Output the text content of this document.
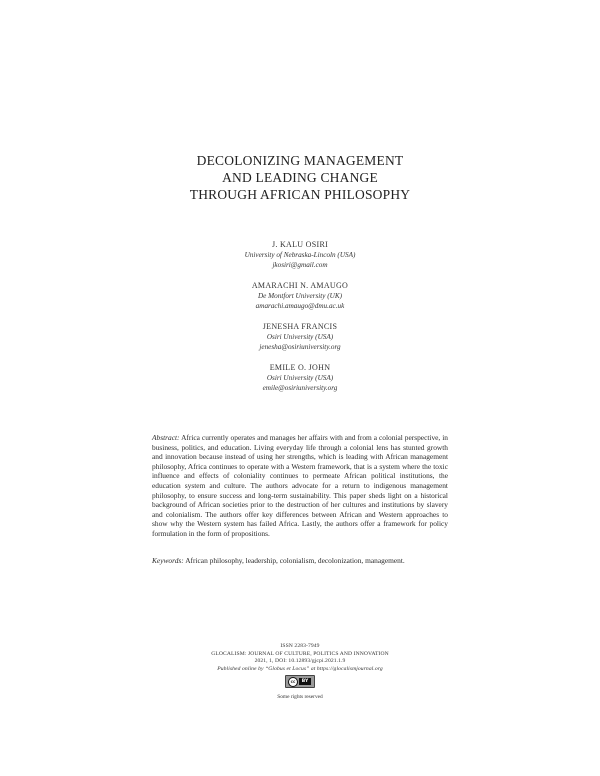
DECOLONIZING MANAGEMENT
AND LEADING CHANGE
THROUGH AFRICAN PHILOSOPHY
J. KALU OSIRI
University of Nebraska-Lincoln (USA)
jkosiri@gmail.com
AMARACHI N. AMAUGO
De Montfort University (UK)
amarachi.amaugo@dmu.ac.uk
JENESHA FRANCIS
Osiri University (USA)
jenesha@osiriuniversity.org
EMILE O. JOHN
Osiri University (USA)
emile@osiriuniversity.org
Abstract: Africa currently operates and manages her affairs with and from a colonial perspective, in business, politics, and education. Living everyday life through a colonial lens has stunted growth and innovation because instead of using her strengths, which is leading with African management philosophy, Africa continues to operate with a Western framework, that is a system where the toxic influence and effects of coloniality continues to permeate African political institutions, the education system and culture. The authors advocate for a return to indigenous management philosophy, to ensure success and long-term sustainability. This paper sheds light on a historical background of African societies prior to the destruction of her cultures and institutions by slavery and colonialism. The authors offer key differences between African and Western approaches to show why the Western system has failed Africa. Lastly, the authors offer a framework for policy formulation in the form of propositions.
Keywords: African philosophy, leadership, colonialism, decolonization, management.
ISSN 2283-7949
GLOCALISM: JOURNAL OF CULTURE, POLITICS AND INNOVATION
2021, 1, DOI: 10.12893/gjcpi.2021.1.9
Published online by “Globus et Locus” at https://glocalismjournal.org
cc	BY
Some rights reserved
